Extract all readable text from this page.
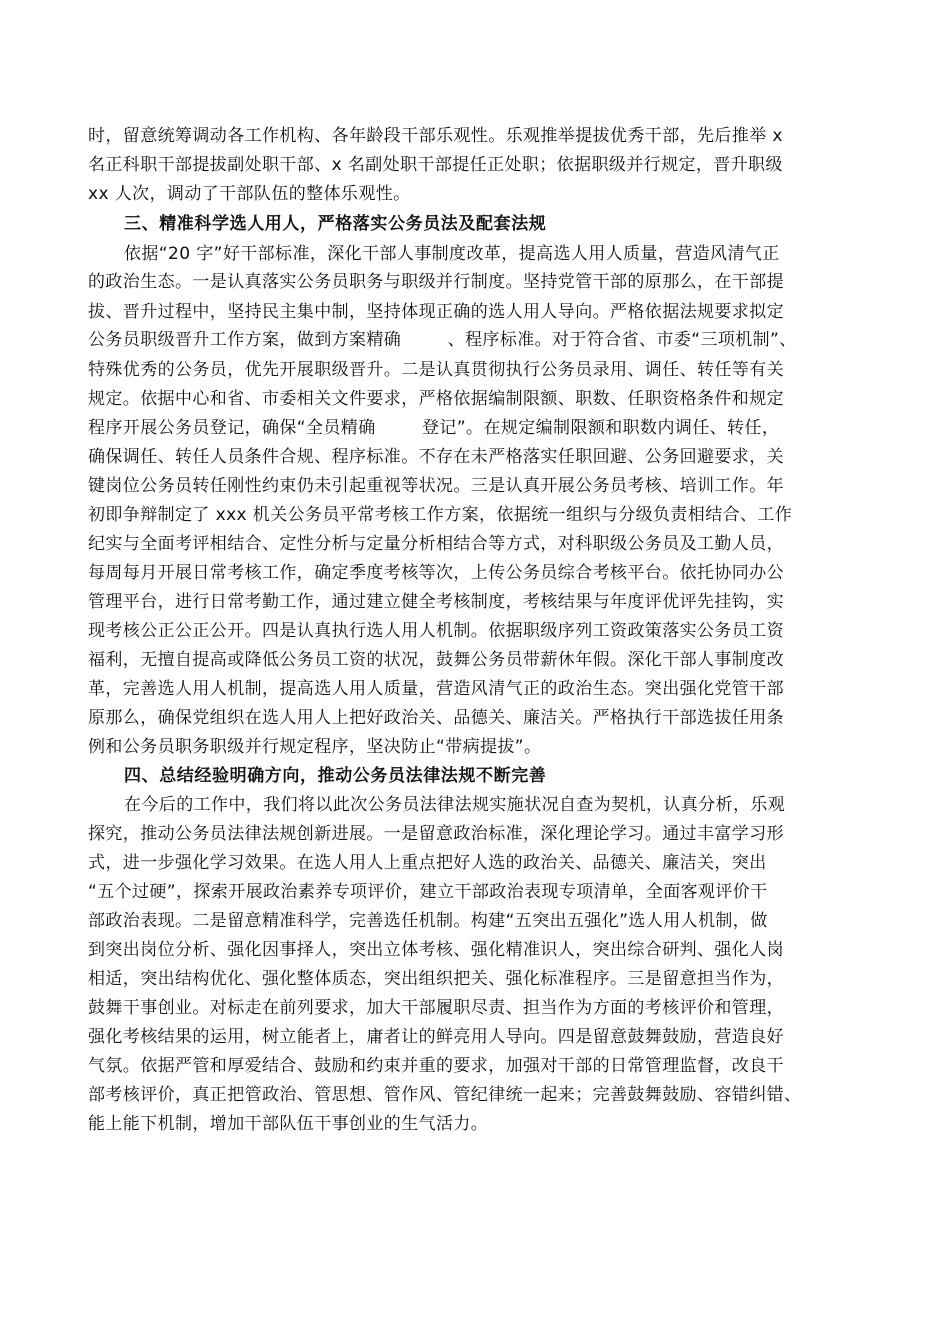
时，留意统筹调动各工作机构、各年龄段干部乐观性。乐观推举提拔优秀干部，先后推举 x
名正科职干部提拔副处职干部、x 名副处职干部提任正处职；依据职级并行规定，晋升职级
xx 人次，调动了干部队伍的整体乐观性。
三、精准科学选人用人，严格落实公务员法及配套法规
依据“20 字”好干部标准，深化干部人事制度改革，提高选人用人质量，营造风清气正
的政治生态。一是认真落实公务员职务与职级并行制度。坚持党管干部的原那么，在干部提
拔、晋升过程中，坚持民主集中制，坚持体现正确的选人用人导向。严格依据法规要求拟定
公务员职级晋升工作方案，做到方案精确        、程序标准。对于符合省、市委“三项机制”、
特殊优秀的公务员，优先开展职级晋升。二是认真贯彻执行公务员录用、调任、转任等有关
规定。依据中心和省、市委相关文件要求，严格依据编制限额、职数、任职资格条件和规定
程序开展公务员登记，确保“全员精确        登记”。在规定编制限额和职数内调任、转任，
确保调任、转任人员条件合规、程序标准。不存在未严格落实任职回避、公务回避要求，关
键岗位公务员转任刚性约束仍未引起重视等状况。三是认真开展公务员考核、培训工作。年
初即争辩制定了 xxx 机关公务员平常考核工作方案，依据统一组织与分级负责相结合、工作
纪实与全面考评相结合、定性分析与定量分析相结合等方式，对科职级公务员及工勤人员，
每周每月开展日常考核工作，确定季度考核等次，上传公务员综合考核平台。依托协同办公
管理平台，进行日常考勤工作，通过建立健全考核制度，考核结果与年度评优评先挂钩，实
现考核公正公正公开。四是认真执行选人用人机制。依据职级序列工资政策落实公务员工资
福利，无擅自提高或降低公务员工资的状况，鼓舞公务员带薪休年假。深化干部人事制度改
革，完善选人用人机制，提高选人用人质量，营造风清气正的政治生态。突出强化党管干部
原那么，确保党组织在选人用人上把好政治关、品德关、廉洁关。严格执行干部选拔任用条
例和公务员职务职级并行规定程序，坚决防止“带病提拔”。
四、总结经验明确方向，推动公务员法律法规不断完善
在今后的工作中，我们将以此次公务员法律法规实施状况自查为契机，认真分析，乐观
探究，推动公务员法律法规创新进展。一是留意政治标准，深化理论学习。通过丰富学习形
式，进一步强化学习效果。在选人用人上重点把好人选的政治关、品德关、廉洁关，突出
“五个过硬”，探索开展政治素养专项评价，建立干部政治表现专项清单，全面客观评价干
部政治表现。二是留意精准科学，完善选任机制。构建“五突出五强化”选人用人机制，做
到突出岗位分析、强化因事择人，突出立体考核、强化精准识人，突出综合研判、强化人岗
相适，突出结构优化、强化整体质态，突出组织把关、强化标准程序。三是留意担当作为，
鼓舞干事创业。对标走在前列要求，加大干部履职尽责、担当作为方面的考核评价和管理，
强化考核结果的运用，树立能者上，庸者让的鲜亮用人导向。四是留意鼓舞鼓励，营造良好
气氛。依据严管和厚爱结合、鼓励和约束并重的要求，加强对干部的日常管理监督，改良干
部考核评价，真正把管政治、管思想、管作风、管纪律统一起来；完善鼓舞鼓励、容错纠错、
能上能下机制，增加干部队伍干事创业的生气活力。
